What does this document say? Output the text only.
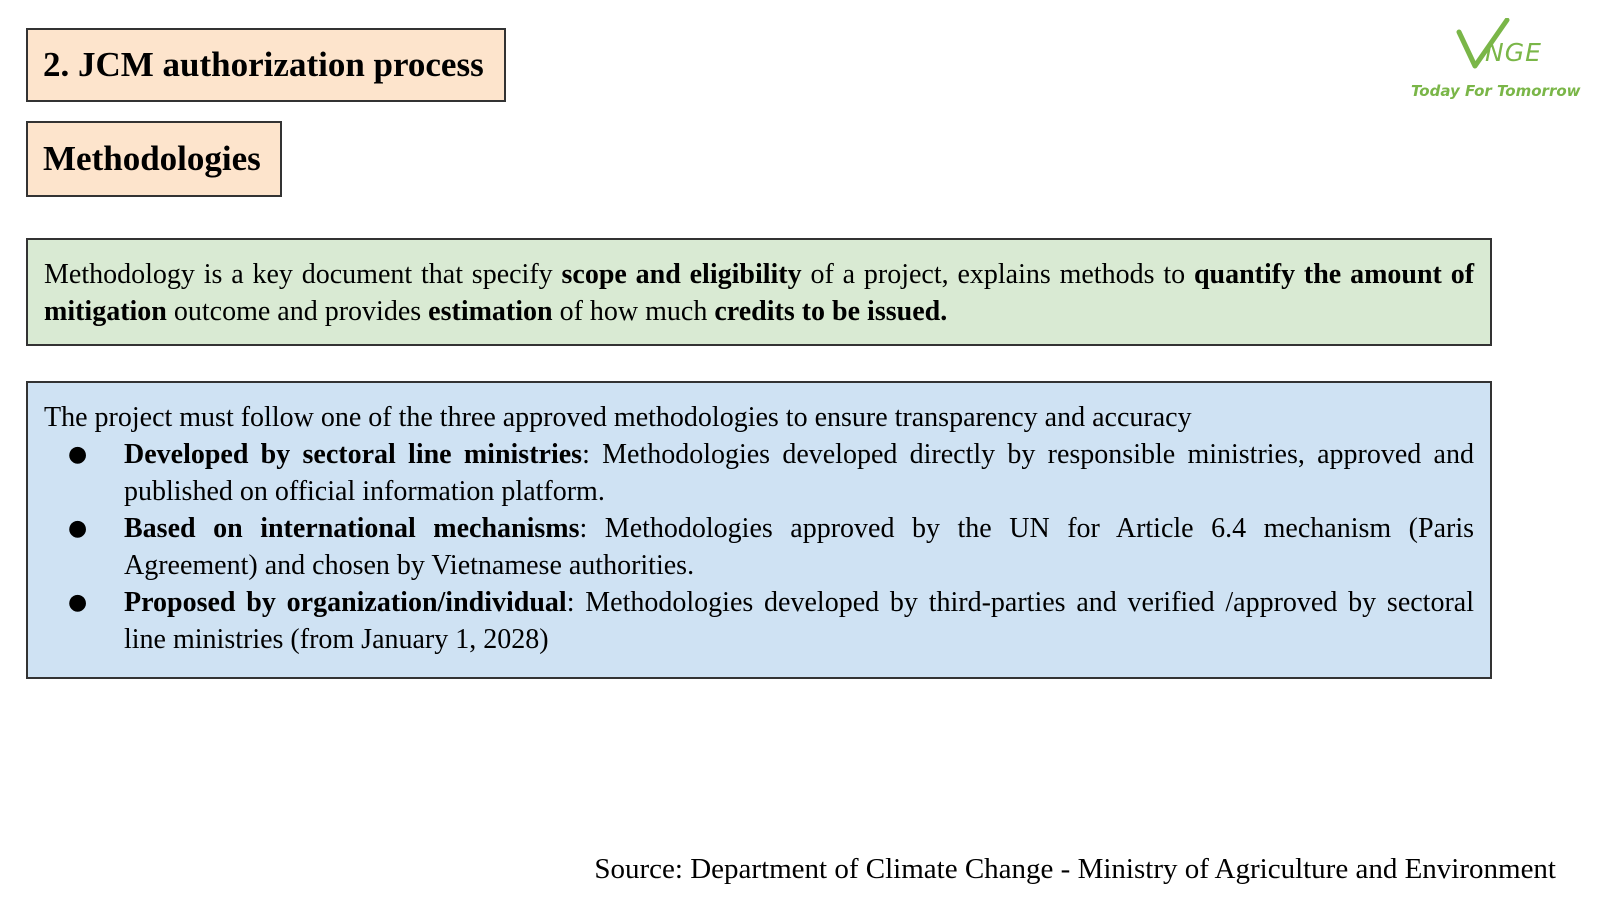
2. JCM authorization process
Methodologies
NGE
Today For Tomorrow
Methodology is a key document that specify scope and eligibility of a project, explains methods to quantify the amount of mitigation outcome and provides estimation of how much credits to be issued.
The project must follow one of the three approved methodologies to ensure transparency and accuracy
● Developed by sectoral line ministries: Methodologies developed directly by responsible ministries, approved and published on official information platform.
● Based on international mechanisms: Methodologies approved by the UN for Article 6.4 mechanism (Paris Agreement) and chosen by Vietnamese authorities.
● Proposed by organization/individual: Methodologies developed by third-parties and verified /approved by sectoral line ministries (from January 1, 2028)
Source: Department of Climate Change - Ministry of Agriculture and Environment
